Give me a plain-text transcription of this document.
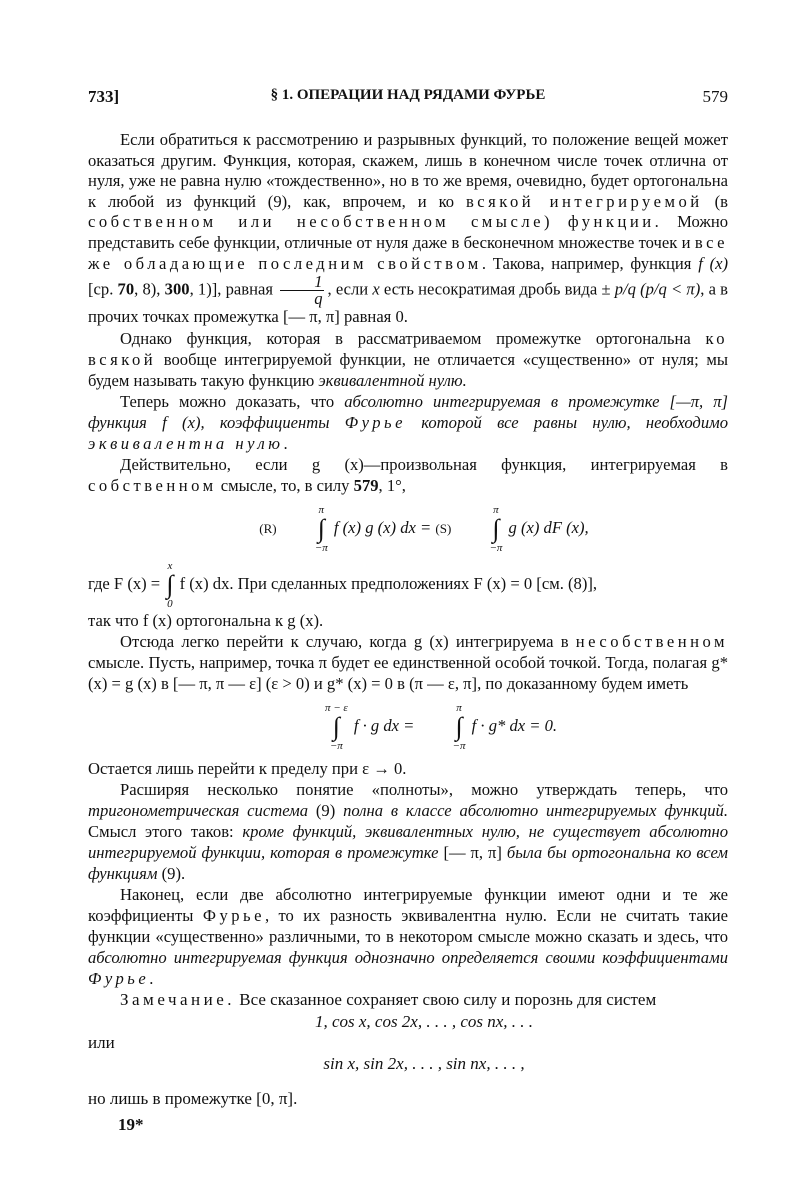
733]	§ 1. ОПЕРАЦИИ НАД РЯДАМИ ФУРЬЕ	579

Если обратиться к рассмотрению и разрывных функций, то положение вещей может оказаться другим. Функция, которая, скажем, лишь в конечном числе точек отлична от нуля, уже не равна нулю «тождественно», но в то же время, очевидно, будет ортогональна к любой из функций (9), как, впрочем, и ко всякой интегрируемой (в собственном или несобственном смысле) функции. Можно представить себе функции, отличные от нуля даже в бесконечном множестве точек и все же обладающие последним свойством. Такова, например, функция f (x) [ср. 70, 8), 300, 1)], равная $\frac{1}{q}$ , если x есть несократимая дробь вида ± p/q (p/q < π), а в прочих точках промежутка [— π, π] равная 0.

Однако функция, которая в рассматриваемом промежутке ортогональна ко всякой вообще интегрируемой функции, не отличается «существенно» от нуля; мы будем называть такую функцию эквивалентной нулю.

Теперь можно доказать, что абсолютно интегрируемая в промежутке [—π, π] функция f (x), коэффициенты Фурье которой все равны нулю, необходимо эквивалентна нулю.

Действительно, если g (x)—произвольная функция, интегрируемая в собственном смысле, то, в силу 579, 1°,

(R)
π
∫
−π
f (x) g (x) dx = (S)
π
∫
−π
g (x) dF (x),

где F (x) =
x
∫
0
f (x) dx. При сделанных предположениях F (x) = 0 [см. (8)],

так что f (x) ортогональна к g (x).

Отсюда легко перейти к случаю, когда g (x) интегрируема в несобственном смысле. Пусть, например, точка π будет ее единственной особой точкой. Тогда, полагая g* (x) = g (x) в [— π, π — ε] (ε > 0) и g* (x) = 0 в (π — ε, π], по доказанному будем иметь

π − ε
∫
−π
f · g dx =
π
∫
−π
f · g* dx = 0.

Остается лишь перейти к пределу при ε → 0.

Расширяя несколько понятие «полноты», можно утверждать теперь, что тригонометрическая система (9) полна в классе абсолютно интегрируемых функций. Смысл этого таков: кроме функций, эквивалентных нулю, не существует абсолютно интегрируемой функции, которая в промежутке [— π, π] была бы ортогональна ко всем функциям (9).

Наконец, если две абсолютно интегрируемые функции имеют одни и те же коэффициенты Фурье, то их разность эквивалентна нулю. Если не считать такие функции «существенно» различными, то в некотором смысле можно сказать и здесь, что абсолютно интегрируемая функция однозначно определяется своими коэффициентами Фурье.

Замечание. Все сказанное сохраняет свою силу и порознь для систем

1, cos x, cos 2x, . . . , cos nx, . . .

или

sin x, sin 2x, . . . , sin nx, . . . ,

но лишь в промежутке [0, π].

19*
